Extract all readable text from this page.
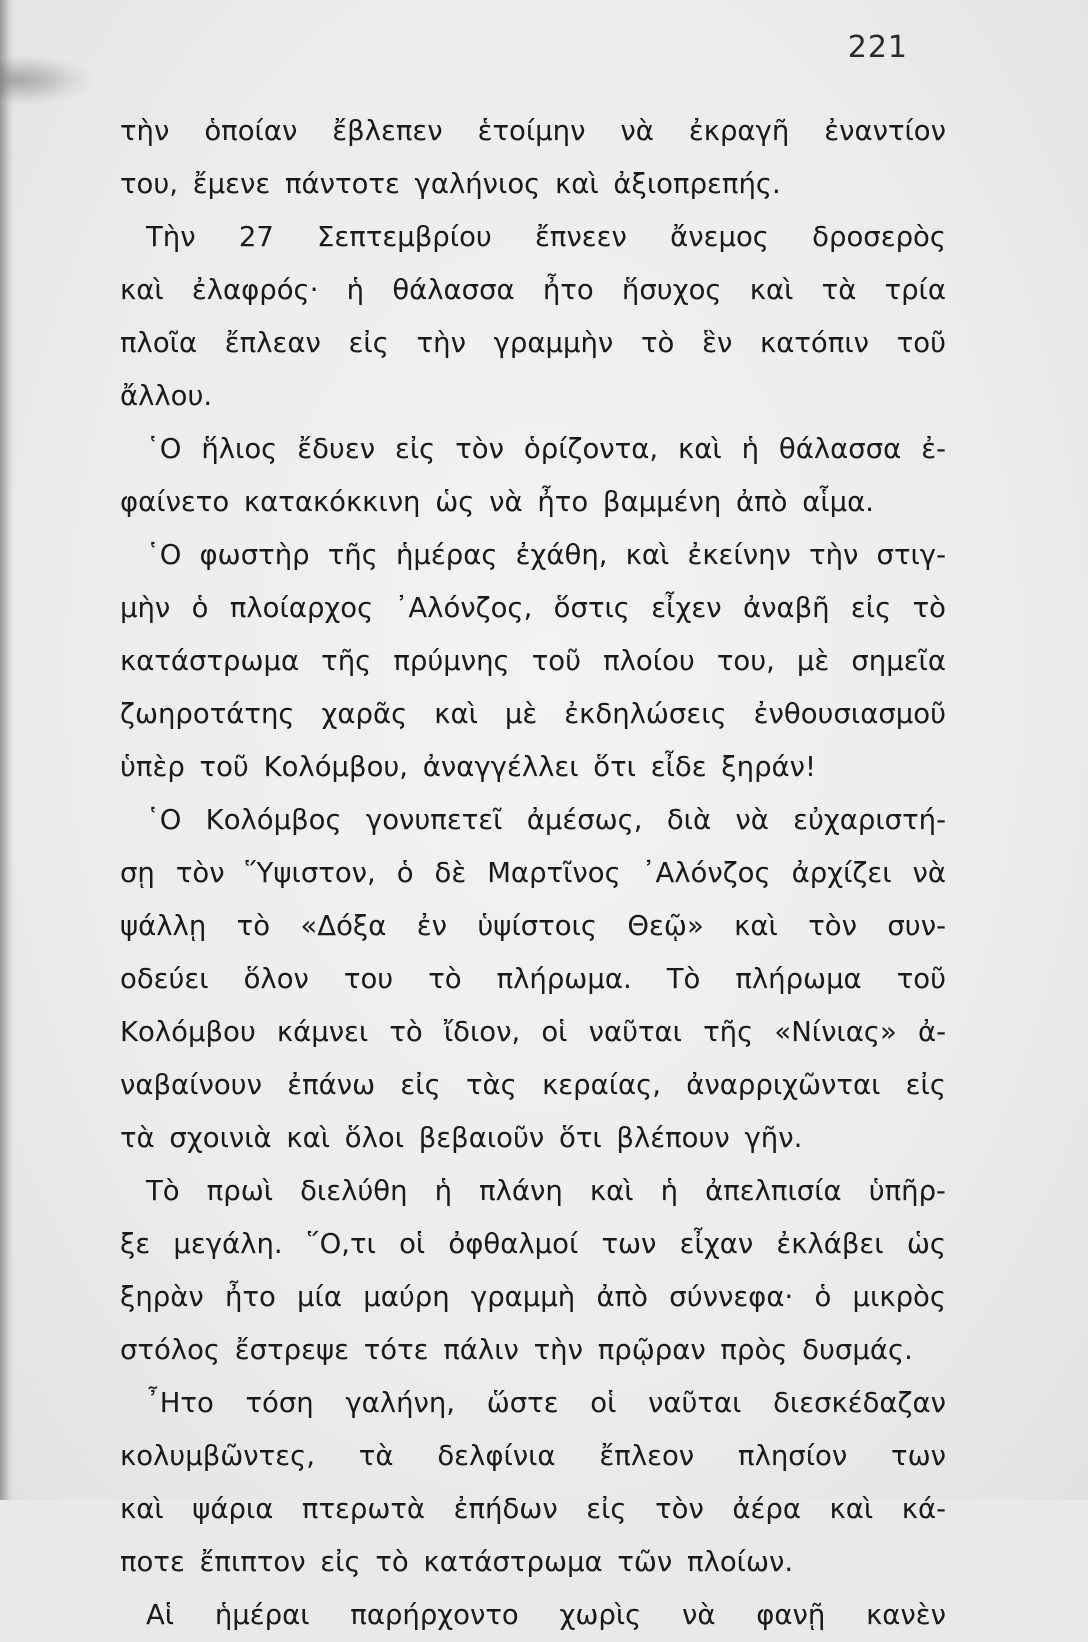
221
τὴν ὁποίαν ἔβλεπεν ἑτοίμην νὰ ἐκραγῆ ἐναντίον
του, ἔμενε πάντοτε γαλήνιος καὶ ἀξιοπρεπής.
Τὴν 27 Σεπτεμβρίου ἔπνεεν ἄνεμος δροσερὸς
καὶ ἐλαφρός· ἡ θάλασσα ἦτο ἥσυχος καὶ τὰ τρία
πλοῖα ἔπλεαν εἰς τὴν γραμμὴν τὸ ἓν κατόπιν τοῦ
ἄλλου.
῾Ο ἥλιος ἔδυεν εἰς τὸν ὁρίζοντα, καὶ ἡ θάλασσα ἐ-
φαίνετο κατακόκκινη ὡς νὰ ἦτο βαμμένη ἀπὸ αἷμα.
῾Ο φωστὴρ τῆς ἡμέρας ἐχάθη, καὶ ἐκείνην τὴν στιγ-
μὴν ὁ πλοίαρχος ᾿Αλόνζος, ὅστις εἶχεν ἀναβῆ εἰς τὸ
κατάστρωμα τῆς πρύμνης τοῦ πλοίου του, μὲ σημεῖα
ζωηροτάτης χαρᾶς καὶ μὲ ἐκδηλώσεις ἐνθουσιασμοῦ
ὑπὲρ τοῦ Κολόμβου, ἀναγγέλλει ὅτι εἶδε ξηράν!
῾Ο Κολόμβος γονυπετεῖ ἀμέσως, διὰ νὰ εὐχαριστή-
σῃ τὸν Ὕψιστον, ὁ δὲ Μαρτῖνος ᾿Αλόνζος ἀρχίζει νὰ
ψάλλῃ τὸ «Δόξα ἐν ὑψίστοις Θεῷ» καὶ τὸν συν-
οδεύει ὅλον του τὸ πλήρωμα. Τὸ πλήρωμα τοῦ
Κολόμβου κάμνει τὸ ἴδιον, οἱ ναῦται τῆς «Νίνιας» ἀ-
ναβαίνουν ἐπάνω εἰς τὰς κεραίας, ἀναρριχῶνται εἰς
τὰ σχοινιὰ καὶ ὅλοι βεβαιοῦν ὅτι βλέπουν γῆν.
Τὸ πρωὶ διελύθη ἡ πλάνη καὶ ἡ ἀπελπισία ὑπῆρ-
ξε μεγάλη. ῞Ο,τι οἱ ὀφθαλμοί των εἶχαν ἐκλάβει ὡς
ξηρὰν ἦτο μία μαύρη γραμμὴ ἀπὸ σύννεφα· ὁ μικρὸς
στόλος ἔστρεψε τότε πάλιν τὴν πρῷραν πρὸς δυσμάς.
῏Ητο τόση γαλήνη, ὥστε οἱ ναῦται διεσκέδαζαν
κολυμβῶντες, τὰ δελφίνια ἔπλεον πλησίον των
καὶ ψάρια πτερωτὰ ἐπήδων εἰς τὸν ἀέρα καὶ κά-
ποτε ἔπιπτον εἰς τὸ κατάστρωμα τῶν πλοίων.
Αἱ ἡμέραι παρήρχοντο χωρὶς νὰ φανῇ κανὲν
